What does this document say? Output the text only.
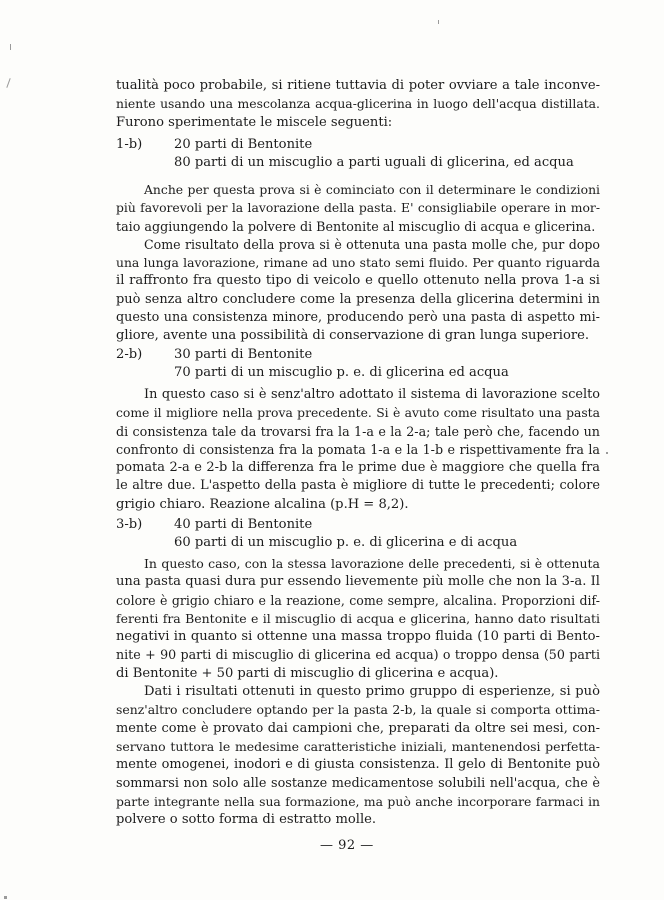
tualità poco probabile, si ritiene tuttavia di poter ovviare a tale inconve-
niente usando una mescolanza acqua-glicerina in luogo dell'acqua distillata.
Furono sperimentate le miscele seguenti:
1-b)	20 parti di Bentonite
80 parti di un miscuglio a parti uguali di glicerina, ed acqua
Anche per questa prova si è cominciato con il determinare le condizioni
più favorevoli per la lavorazione della pasta. E' consigliabile operare in mor-
taio aggiungendo la polvere di Bentonite al miscuglio di acqua e glicerina.
Come risultato della prova si è ottenuta una pasta molle che, pur dopo
una lunga lavorazione, rimane ad uno stato semi fluido. Per quanto riguarda
il raffronto fra questo tipo di veicolo e quello ottenuto nella prova 1-a si
può senza altro concludere come la presenza della glicerina determini in
questo una consistenza minore, producendo però una pasta di aspetto mi-
gliore, avente una possibilità di conservazione di gran lunga superiore.
2-b)	30 parti di Bentonite
70 parti di un miscuglio p. e. di glicerina ed acqua
In questo caso si è senz'altro adottato il sistema di lavorazione scelto
come il migliore nella prova precedente. Si è avuto come risultato una pasta
di consistenza tale da trovarsi fra la 1-a e la 2-a; tale però che, facendo un
confronto di consistenza fra la pomata 1-a e la 1-b e rispettivamente fra la
pomata 2-a e 2-b la differenza fra le prime due è maggiore che quella fra
le altre due. L'aspetto della pasta è migliore di tutte le precedenti; colore
grigio chiaro. Reazione alcalina (p.H = 8,2).
3-b)	40 parti di Bentonite
60 parti di un miscuglio p. e. di glicerina e di acqua
In questo caso, con la stessa lavorazione delle precedenti, si è ottenuta
una pasta quasi dura pur essendo lievemente più molle che non la 3-a. Il
colore è grigio chiaro e la reazione, come sempre, alcalina. Proporzioni dif-
ferenti fra Bentonite e il miscuglio di acqua e glicerina, hanno dato risultati
negativi in quanto si ottenne una massa troppo fluida (10 parti di Bento-
nite + 90 parti di miscuglio di glicerina ed acqua) o troppo densa (50 parti
di Bentonite + 50 parti di miscuglio di glicerina e acqua).
Dati i risultati ottenuti in questo primo gruppo di esperienze, si può
senz'altro concludere optando per la pasta 2-b, la quale si comporta ottima-
mente come è provato dai campioni che, preparati da oltre sei mesi, con-
servano tuttora le medesime caratteristiche iniziali, mantenendosi perfetta-
mente omogenei, inodori e di giusta consistenza. Il gelo di Bentonite può
sommarsi non solo alle sostanze medicamentose solubili nell'acqua, che è
parte integrante nella sua formazione, ma può anche incorporare farmaci in
polvere o sotto forma di estratto molle.
— 92 —
